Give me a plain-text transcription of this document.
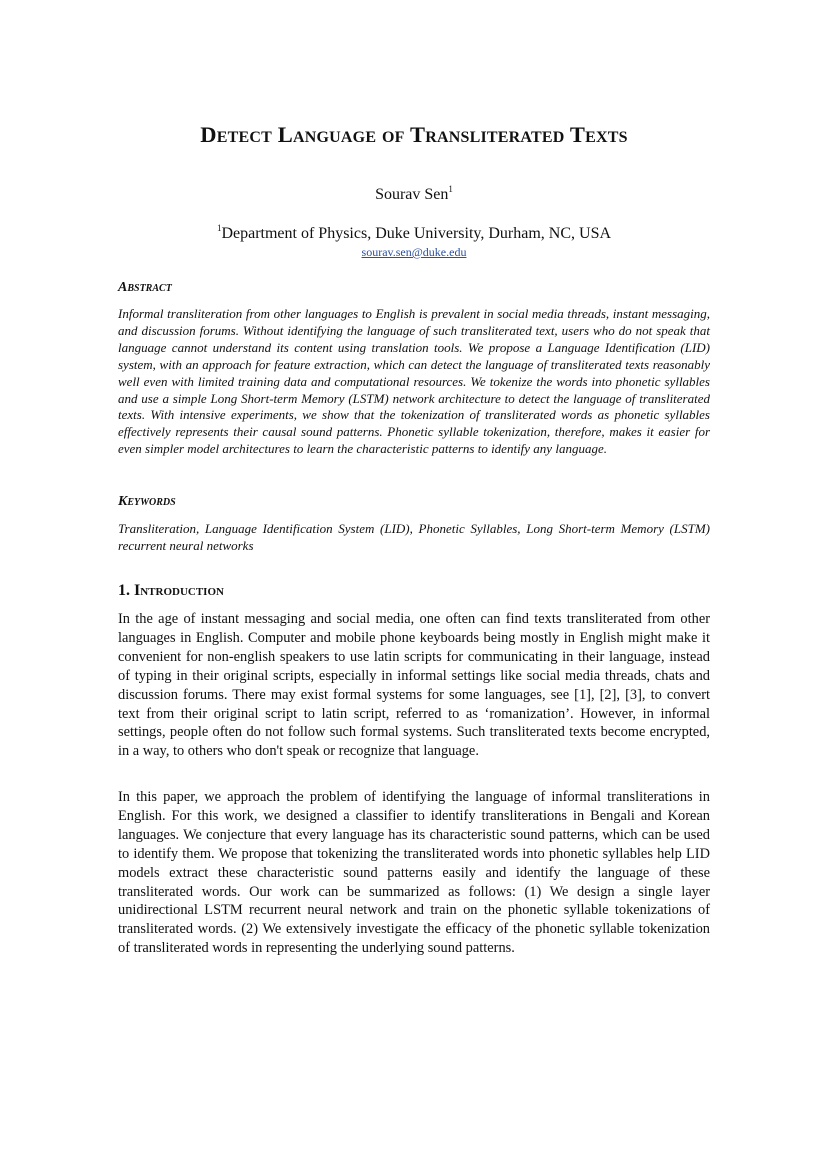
Detect Language of Transliterated Texts
Sourav Sen$^1$
$^1$Department of Physics, Duke University, Durham, NC, USA
sourav.sen@duke.edu
Abstract

Informal transliteration from other languages to English is prevalent in social media threads, instant messaging, and discussion forums. Without identifying the language of such transliterated text, users who do not speak that language cannot understand its content using translation tools. We propose a Language Identification (LID) system, with an approach for feature extraction, which can detect the language of transliterated texts reasonably well even with limited training data and computational resources. We tokenize the words into phonetic syllables and use a simple Long Short-term Memory (LSTM) network architecture to detect the language of transliterated texts. With intensive experiments, we show that the tokenization of transliterated words as phonetic syllables effectively represents their causal sound patterns. Phonetic syllable tokenization, therefore, makes it easier for even simpler model architectures to learn the characteristic patterns to identify any language.

Keywords

Transliteration, Language Identification System (LID), Phonetic Syllables, Long Short-term Memory (LSTM) recurrent neural networks

1. Introduction

In the age of instant messaging and social media, one often can find texts transliterated from other languages in English. Computer and mobile phone keyboards being mostly in English might make it convenient for non-english speakers to use latin scripts for communicating in their language, instead of typing in their original scripts, especially in informal settings like social media threads, chats and discussion forums. There may exist formal systems for some languages, see [1], [2], [3], to convert text from their original script to latin script, referred to as ‘romanization’. However, in informal settings, people often do not follow such formal systems. Such transliterated texts become encrypted, in a way, to others who don't speak or recognize that language.

In this paper, we approach the problem of identifying the language of informal transliterations in English. For this work, we designed a classifier to identify transliterations in Bengali and Korean languages. We conjecture that every language has its characteristic sound patterns, which can be used to identify them. We propose that tokenizing the transliterated words into phonetic syllables help LID models extract these characteristic sound patterns easily and identify the language of these transliterated words. Our work can be summarized as follows: (1) We design a single layer unidirectional LSTM recurrent neural network and train on the phonetic syllable tokenizations of transliterated words. (2) We extensively investigate the efficacy of the phonetic syllable tokenization of transliterated words in representing the underlying sound patterns.
